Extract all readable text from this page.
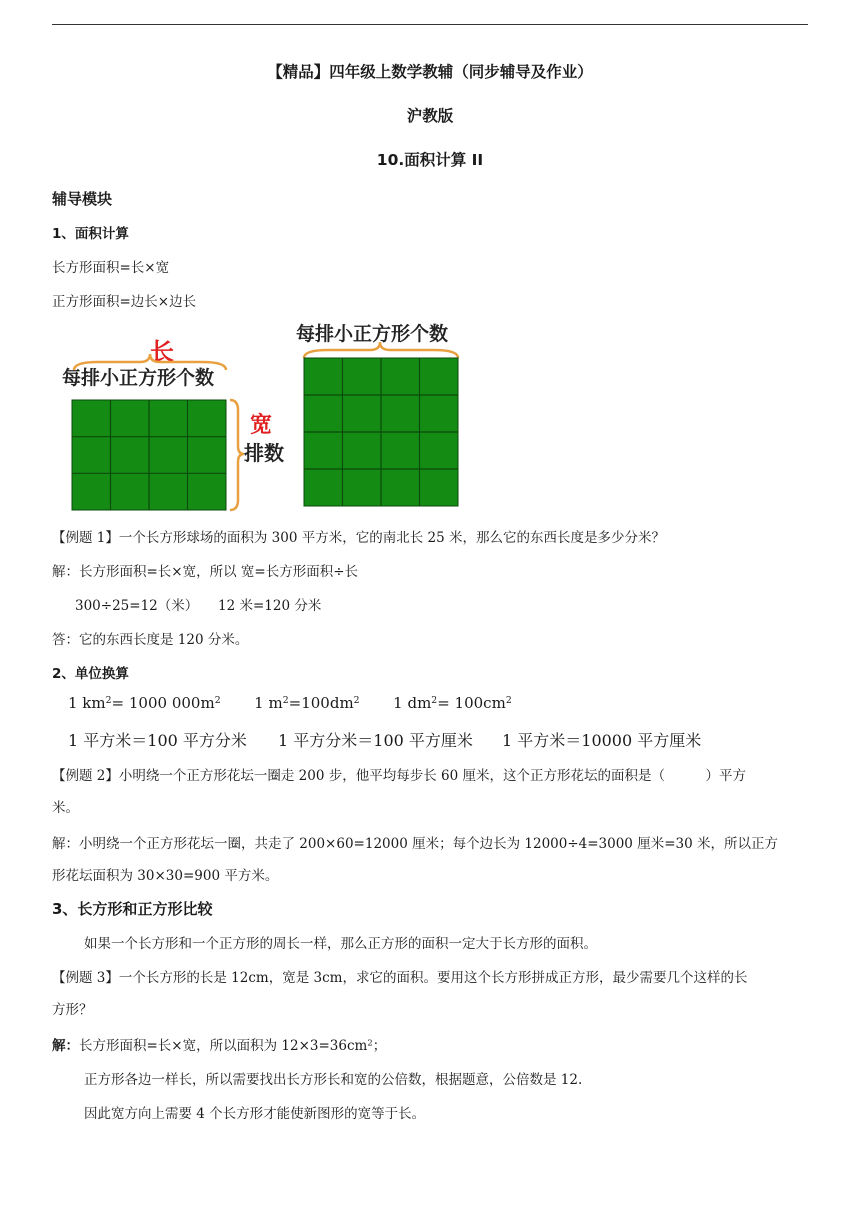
【精品】四年级上数学教辅（同步辅导及作业）
沪教版
10.面积计算 II
辅导模块
1、面积计算
长方形面积=长×宽
正方形面积=边长×边长
长
每排小正方形个数
宽
排数
每排小正方形个数
【例题 1】一个长方形球场的面积为 300 平方米，它的南北长 25 米，那么它的东西长度是多少分米？
解：长方形面积=长×宽，所以 宽=长方形面积÷长
300÷25=12（米） 12 米=120 分米
答：它的东西长度是 120 分米。
2、单位换算
1 $km^2= 1000$ $000m^2$ 1 $m^2=100dm^2$ 1 $dm^2= 100cm^2$
1 平方米＝100 平方分米 1 平方分米＝100 平方厘米 1 平方米＝10000 平方厘米
【例题 2】小明绕一个正方形花坛一圈走 200 步，他平均每步长 60 厘米，这个正方形花坛的面积是（　　　）平方
米。
解：小明绕一个正方形花坛一圈，共走了 200×60=12000 厘米；每个边长为 12000÷4=3000 厘米=30 米，所以正方
形花坛面积为 30×30=900 平方米。
3、长方形和正方形比较
如果一个长方形和一个正方形的周长一样，那么正方形的面积一定大于长方形的面积。
【例题 3】一个长方形的长是 12cm，宽是 3cm，求它的面积。要用这个长方形拼成正方形，最少需要几个这样的长
方形？
解：长方形面积=长×宽，所以面积为 $12\times 3=36cm^2$；
正方形各边一样长，所以需要找出长方形长和宽的公倍数，根据题意，公倍数是 12.
因此宽方向上需要 4 个长方形才能使新图形的宽等于长。
